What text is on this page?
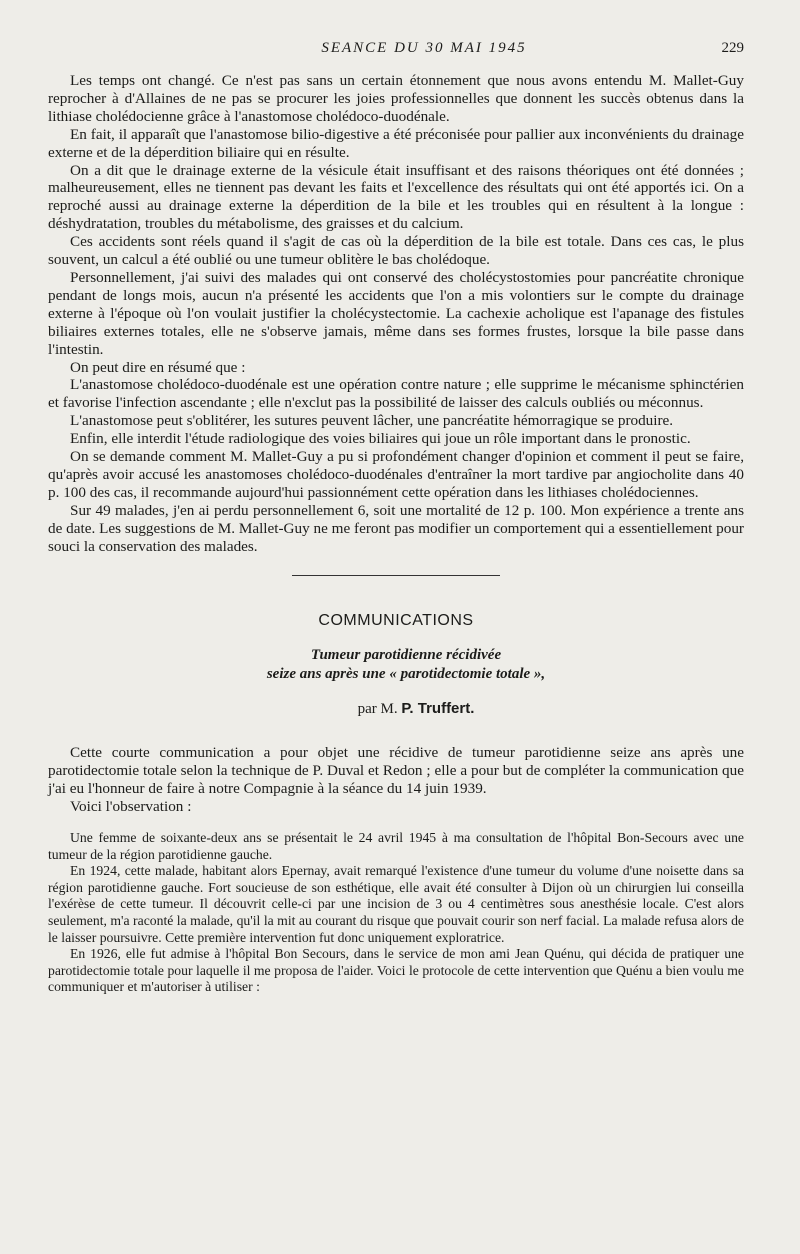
SEANCE DU 30 MAI 1945	229

Les temps ont changé. Ce n'est pas sans un certain étonnement que nous avons entendu M. Mallet-Guy reprocher à d'Allaines de ne pas se procurer les joies professionnelles que donnent les succès obtenus dans la lithiase cholédocienne grâce à l'anastomose cholédoco-duodénale.

En fait, il apparaît que l'anastomose bilio-digestive a été préconisée pour pallier aux inconvénients du drainage externe et de la déperdition biliaire qui en résulte.

On a dit que le drainage externe de la vésicule était insuffisant et des raisons théoriques ont été données ; malheureusement, elles ne tiennent pas devant les faits et l'excellence des résultats qui ont été apportés ici. On a reproché aussi au drainage externe la déperdition de la bile et les troubles qui en résultent à la longue : déshydratation, troubles du métabolisme, des graisses et du calcium.

Ces accidents sont réels quand il s'agit de cas où la déperdition de la bile est totale. Dans ces cas, le plus souvent, un calcul a été oublié ou une tumeur oblitère le bas cholédoque.

Personnellement, j'ai suivi des malades qui ont conservé des cholécystostomies pour pancréatite chronique pendant de longs mois, aucun n'a présenté les accidents que l'on a mis volontiers sur le compte du drainage externe à l'époque où l'on voulait justifier la cholécystectomie. La cachexie acholique est l'apanage des fistules biliaires externes totales, elle ne s'observe jamais, même dans ses formes frustes, lorsque la bile passe dans l'intestin.

On peut dire en résumé que :

L'anastomose cholédoco-duodénale est une opération contre nature ; elle supprime le mécanisme sphinctérien et favorise l'infection ascendante ; elle n'exclut pas la possibilité de laisser des calculs oubliés ou méconnus.

L'anastomose peut s'oblitérer, les sutures peuvent lâcher, une pancréatite hémorragique se produire.

Enfin, elle interdit l'étude radiologique des voies biliaires qui joue un rôle important dans le pronostic.

On se demande comment M. Mallet-Guy a pu si profondément changer d'opinion et comment il peut se faire, qu'après avoir accusé les anastomoses cholédoco-duodénales d'entraîner la mort tardive par angiocholite dans 40 p. 100 des cas, il recommande aujourd'hui passionnément cette opération dans les lithiases cholédociennes.

Sur 49 malades, j'en ai perdu personnellement 6, soit une mortalité de 12 p. 100. Mon expérience a trente ans de date. Les suggestions de M. Mallet-Guy ne me feront pas modifier un comportement qui a essentiellement pour souci la conservation des malades.

COMMUNICATIONS
Tumeur parotidienne récidivée
seize ans après une « parotidectomie totale »,
par M. P. Truffert.

Cette courte communication a pour objet une récidive de tumeur parotidienne seize ans après une parotidectomie totale selon la technique de P. Duval et Redon ; elle a pour but de compléter la communication que j'ai eu l'honneur de faire à notre Compagnie à la séance du 14 juin 1939.

Voici l'observation :

Une femme de soixante-deux ans se présentait le 24 avril 1945 à ma consultation de l'hôpital Bon-Secours avec une tumeur de la région parotidienne gauche.

En 1924, cette malade, habitant alors Epernay, avait remarqué l'existence d'une tumeur du volume d'une noisette dans sa région parotidienne gauche. Fort soucieuse de son esthétique, elle avait été consulter à Dijon où un chirurgien lui conseilla l'exérèse de cette tumeur. Il découvrit celle-ci par une incision de 3 ou 4 centimètres sous anesthésie locale. C'est alors seulement, m'a raconté la malade, qu'il la mit au courant du risque que pouvait courir son nerf facial. La malade refusa alors de le laisser poursuivre. Cette première intervention fut donc uniquement exploratrice.

En 1926, elle fut admise à l'hôpital Bon Secours, dans le service de mon ami Jean Quénu, qui décida de pratiquer une parotidectomie totale pour laquelle il me proposa de l'aider. Voici le protocole de cette intervention que Quénu a bien voulu me communiquer et m'autoriser à utiliser :
